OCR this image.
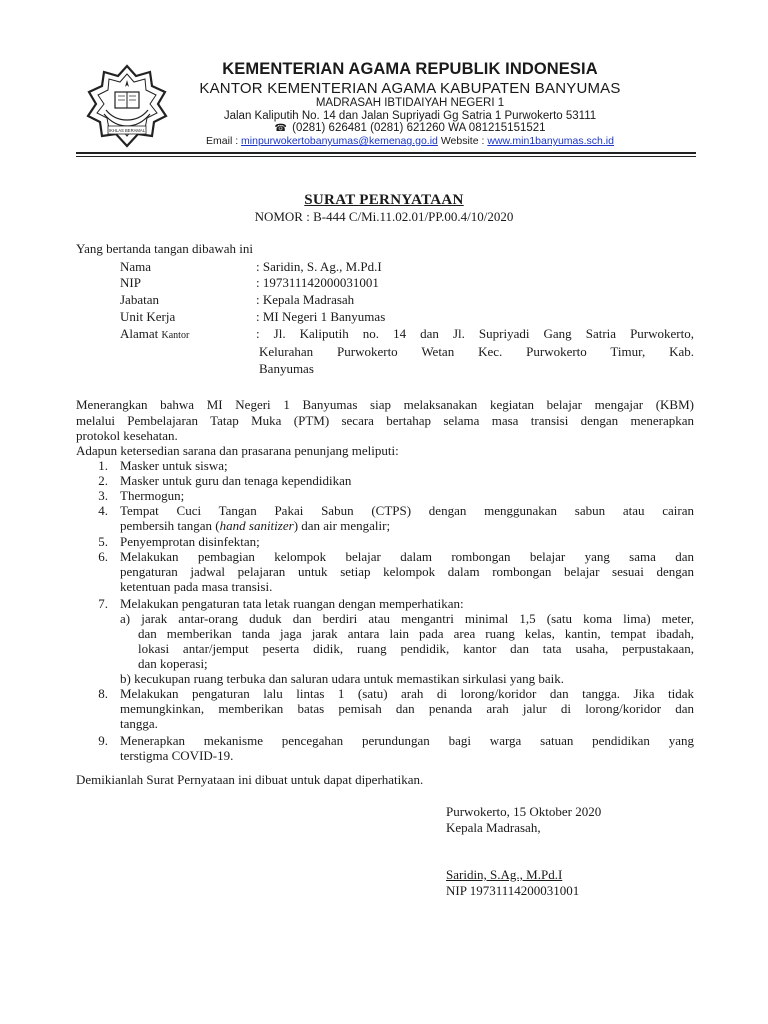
IKHLAS BERAMAL
KEMENTERIAN AGAMA REPUBLIK INDONESIA
KANTOR KEMENTERIAN AGAMA KABUPATEN BANYUMAS
MADRASAH IBTIDAIYAH NEGERI 1
Jalan Kaliputih No. 14 dan Jalan Supriyadi Gg Satria 1 Purwokerto 53111
☎ (0281) 626481 (0281) 621260 WA 081215151521
Email : minpurwokertobanyumas@kemenag.go.id Website : www.min1banyumas.sch.id
SURAT PERNYATAAN
NOMOR : B-444 C/Mi.11.02.01/PP.00.4/10/2020
Yang bertanda tangan dibawah ini
Nama	: Saridin, S. Ag., M.Pd.I
NIP	: 197311142000031001
Jabatan	: Kepala Madrasah
Unit Kerja	: MI Negeri 1 Banyumas
Alamat Kantor	: Jl. Kaliputih no. 14 dan Jl. Supriyadi Gang Satria Purwokerto,
Kelurahan Purwokerto Wetan Kec. Purwokerto Timur, Kab.
Banyumas
Menerangkan bahwa MI Negeri 1 Banyumas siap melaksanakan kegiatan belajar mengajar (KBM)
melalui Pembelajaran Tatap Muka (PTM) secara bertahap selama masa transisi dengan menerapkan
protokol kesehatan.
Adapun ketersedian sarana dan prasarana penunjang meliputi:
1. Masker untuk siswa;
2. Masker untuk guru dan tenaga kependidikan
3. Thermogun;
4. Tempat Cuci Tangan Pakai Sabun (CTPS) dengan menggunakan sabun atau cairan
pembersih tangan (hand sanitizer) dan air mengalir;
5. Penyemprotan disinfektan;
6. Melakukan pembagian kelompok belajar dalam rombongan belajar yang sama dan
pengaturan jadwal pelajaran untuk setiap kelompok dalam rombongan belajar sesuai dengan
ketentuan pada masa transisi.
7. Melakukan pengaturan tata letak ruangan dengan memperhatikan:
a) jarak antar-orang duduk dan berdiri atau mengantri minimal 1,5 (satu koma lima) meter,
dan memberikan tanda jaga jarak antara lain pada area ruang kelas, kantin, tempat ibadah,
lokasi antar/jemput peserta didik, ruang pendidik, kantor dan tata usaha, perpustakaan,
dan koperasi;
b) kecukupan ruang terbuka dan saluran udara untuk memastikan sirkulasi yang baik.
8. Melakukan pengaturan lalu lintas 1 (satu) arah di lorong/koridor dan tangga. Jika tidak
memungkinkan, memberikan batas pemisah dan penanda arah jalur di lorong/koridor dan
tangga.
9. Menerapkan mekanisme pencegahan perundungan bagi warga satuan pendidikan yang
terstigma COVID-19.
Demikianlah Surat Pernyataan ini dibuat untuk dapat diperhatikan.
Purwokerto, 15 Oktober 2020
Kepala Madrasah,
Saridin, S.Ag., M.Pd.I
NIP 19731114200031001
